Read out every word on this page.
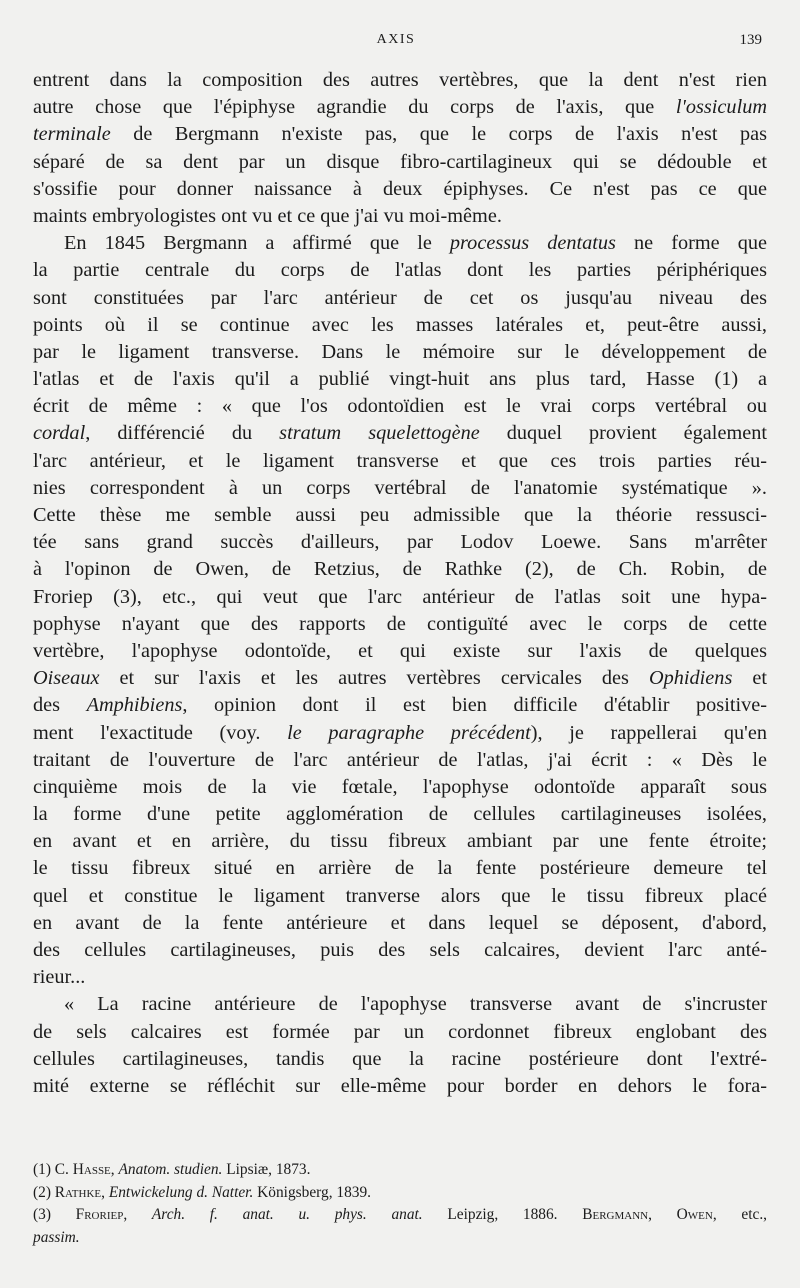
AXIS	139
entrent dans la composition des autres vertèbres, que la dent n'est rien
autre chose que l'épiphyse agrandie du corps de l'axis, que l'ossiculum
terminale de Bergmann n'existe pas, que le corps de l'axis n'est pas
séparé de sa dent par un disque fibro-cartilagineux qui se dédouble et
s'ossifie pour donner naissance à deux épiphyses. Ce n'est pas ce que
maints embryologistes ont vu et ce que j'ai vu moi-même.
En 1845 Bergmann a affirmé que le processus dentatus ne forme que
la partie centrale du corps de l'atlas dont les parties périphériques
sont constituées par l'arc antérieur de cet os jusqu'au niveau des
points où il se continue avec les masses latérales et, peut-être aussi,
par le ligament transverse. Dans le mémoire sur le développement de
l'atlas et de l'axis qu'il a publié vingt-huit ans plus tard, Hasse (1) a
écrit de même : « que l'os odontoïdien est le vrai corps vertébral ou
cordal, différencié du stratum squelettogène duquel provient également
l'arc antérieur, et le ligament transverse et que ces trois parties réu-
nies correspondent à un corps vertébral de l'anatomie systématique ».
Cette thèse me semble aussi peu admissible que la théorie ressusci-
tée sans grand succès d'ailleurs, par Lodov Loewe. Sans m'arrêter
à l'opinon de Owen, de Retzius, de Rathke (2), de Ch. Robin, de
Froriep (3), etc., qui veut que l'arc antérieur de l'atlas soit une hypa-
pophyse n'ayant que des rapports de contiguïté avec le corps de cette
vertèbre, l'apophyse odontoïde, et qui existe sur l'axis de quelques
Oiseaux et sur l'axis et les autres vertèbres cervicales des Ophidiens et
des Amphibiens, opinion dont il est bien difficile d'établir positive-
ment l'exactitude (voy. le paragraphe précédent), je rappellerai qu'en
traitant de l'ouverture de l'arc antérieur de l'atlas, j'ai écrit : « Dès le
cinquième mois de la vie fœtale, l'apophyse odontoïde apparaît sous
la forme d'une petite agglomération de cellules cartilagineuses isolées,
en avant et en arrière, du tissu fibreux ambiant par une fente étroite;
le tissu fibreux situé en arrière de la fente postérieure demeure tel
quel et constitue le ligament tranverse alors que le tissu fibreux placé
en avant de la fente antérieure et dans lequel se déposent, d'abord,
des cellules cartilagineuses, puis des sels calcaires, devient l'arc anté-
rieur...
« La racine antérieure de l'apophyse transverse avant de s'incruster
de sels calcaires est formée par un cordonnet fibreux englobant des
cellules cartilagineuses, tandis que la racine postérieure dont l'extré-
mité externe se réfléchit sur elle-même pour border en dehors le fora-
(1) C. Hasse, Anatom. studien. Lipsiæ, 1873.
(2) Rathke, Entwickelung d. Natter. Königsberg, 1839.
(3) Froriep, Arch. f. anat. u. phys. anat. Leipzig, 1886. Bergmann, Owen, etc.,
passim.
